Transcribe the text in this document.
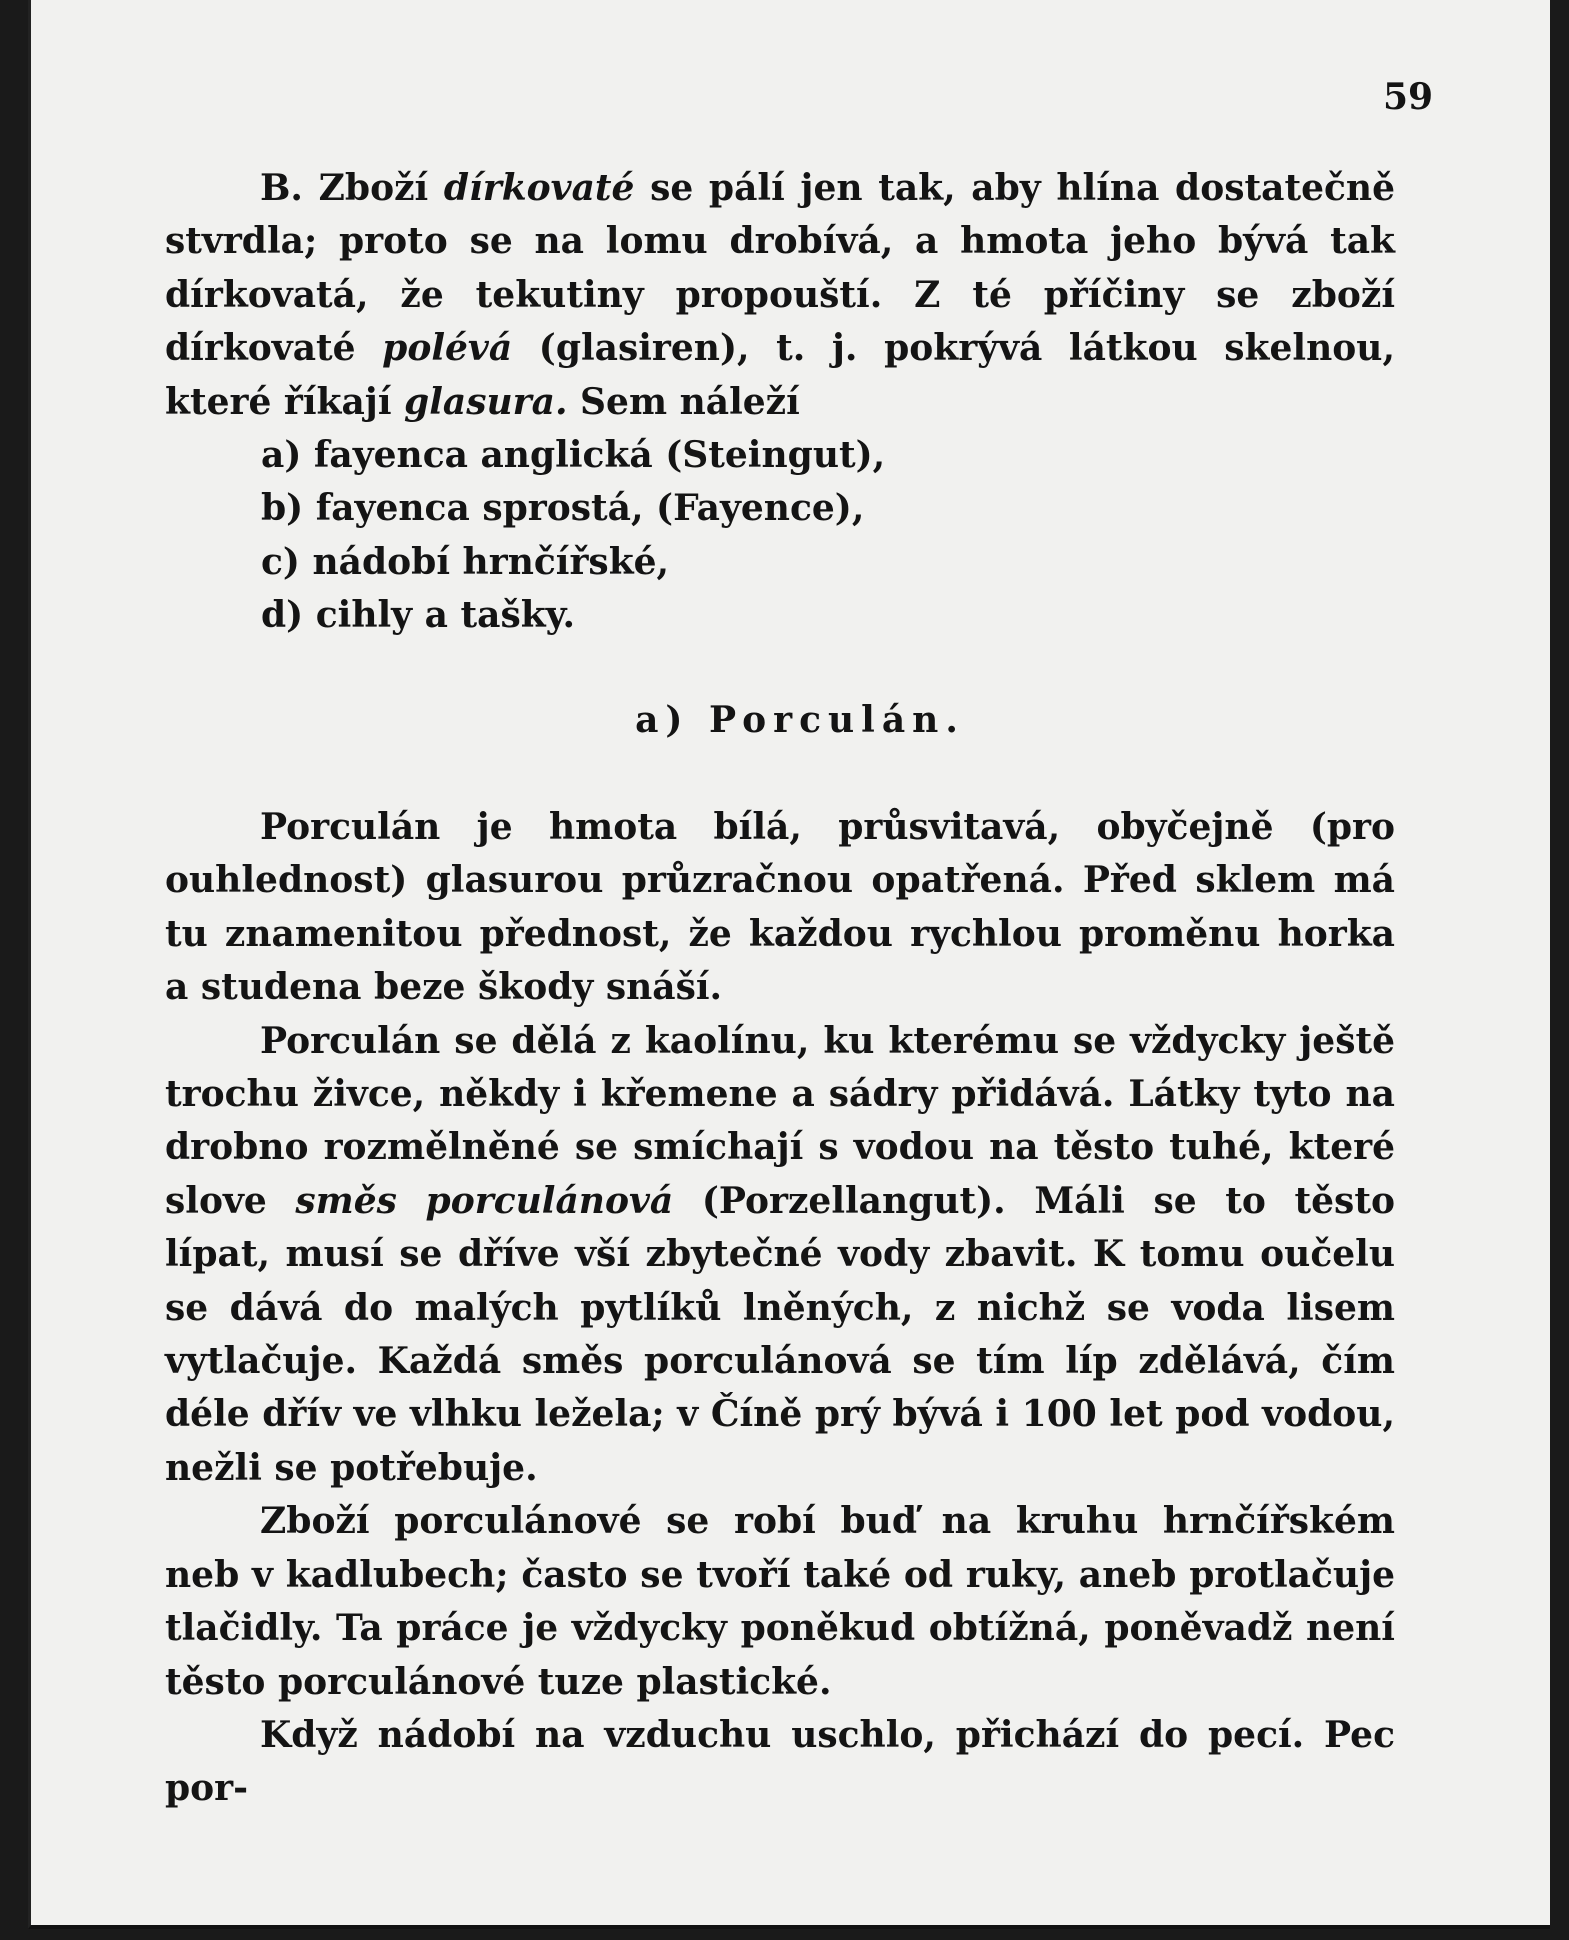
59

B. Zboží dírkovaté se pálí jen tak, aby hlína dostatečně stvrdla; proto se na lomu drobívá, a hmota jeho bývá tak dírkovatá, že tekutiny propouští. Z té příčiny se zboží dírkovaté polévá (glasiren), t. j. pokrývá látkou skelnou, které říkají glasura. Sem náleží

a) fayenca anglická (Steingut),
b) fayenca sprostá, (Fayence),
c) nádobí hrnčířské,
d) cihly a tašky.
a) Porculán.

Porculán je hmota bílá, průsvitavá, obyčejně (pro ouhlednost) glasurou průzračnou opatřená. Před sklem má tu znamenitou přednost, že každou rychlou proměnu horka a studena beze škody snáší.

Porculán se dělá z kaolínu, ku kterému se vždycky ještě trochu živce, někdy i křemene a sádry přidává. Látky tyto na drobno rozmělněné se smíchají s vodou na těsto tuhé, které slove směs porculánová (Porzellangut). Máli se to těsto lípat, musí se dříve vší zbytečné vody zbavit. K tomu oučelu se dává do malých pytlíků lněných, z nichž se voda lisem vytlačuje. Každá směs porculánová se tím líp zdělává, čím déle dřív ve vlhku ležela; v Číně prý bývá i 100 let pod vodou, nežli se potřebuje.

Zboží porculánové se robí buď na kruhu hrnčířském neb v kadlubech; často se tvoří také od ruky, aneb protlačuje tlačidly. Ta práce je vždycky poněkud obtížná, poněvadž není těsto porculánové tuze plastické.

Když nádobí na vzduchu uschlo, přichází do pecí. Pec por-
